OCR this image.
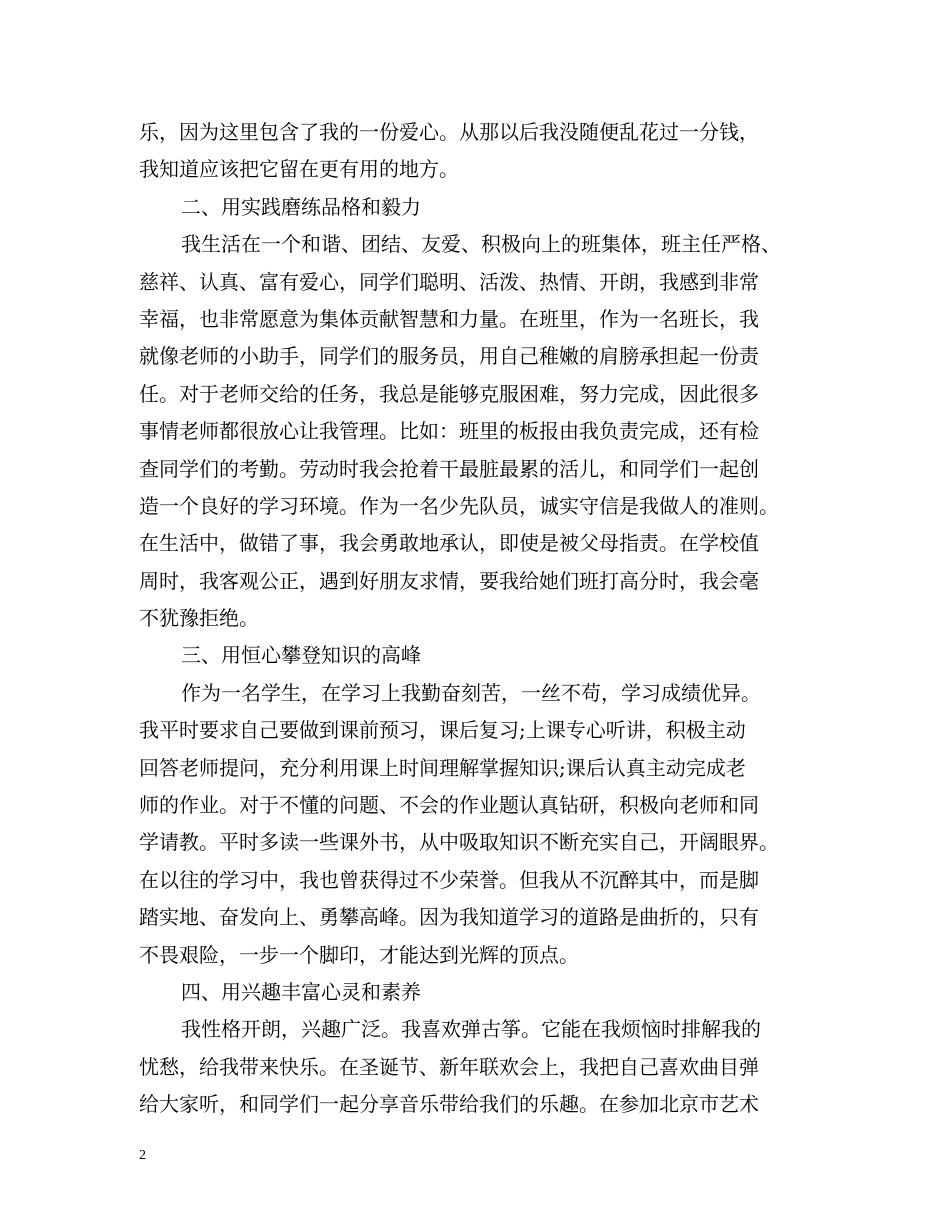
乐，因为这里包含了我的一份爱心。从那以后我没随便乱花过一分钱，
我知道应该把它留在更有用的地方。
二、用实践磨练品格和毅力
我生活在一个和谐、团结、友爱、积极向上的班集体，班主任严格、
慈祥、认真、富有爱心，同学们聪明、活泼、热情、开朗，我感到非常
幸福，也非常愿意为集体贡献智慧和力量。在班里，作为一名班长，我
就像老师的小助手，同学们的服务员，用自己稚嫩的肩膀承担起一份责
任。对于老师交给的任务，我总是能够克服困难，努力完成，因此很多
事情老师都很放心让我管理。比如：班里的板报由我负责完成，还有检
查同学们的考勤。劳动时我会抢着干最脏最累的活儿，和同学们一起创
造一个良好的学习环境。作为一名少先队员，诚实守信是我做人的准则。
在生活中，做错了事，我会勇敢地承认，即使是被父母指责。在学校值
周时，我客观公正，遇到好朋友求情，要我给她们班打高分时，我会毫
不犹豫拒绝。
三、用恒心攀登知识的高峰
作为一名学生，在学习上我勤奋刻苦，一丝不苟，学习成绩优异。
我平时要求自己要做到课前预习，课后复习;上课专心听讲，积极主动
回答老师提问，充分利用课上时间理解掌握知识;课后认真主动完成老
师的作业。对于不懂的问题、不会的作业题认真钻研，积极向老师和同
学请教。平时多读一些课外书，从中吸取知识不断充实自己，开阔眼界。
在以往的学习中，我也曾获得过不少荣誉。但我从不沉醉其中，而是脚
踏实地、奋发向上、勇攀高峰。因为我知道学习的道路是曲折的，只有
不畏艰险，一步一个脚印，才能达到光辉的顶点。
四、用兴趣丰富心灵和素养
我性格开朗，兴趣广泛。我喜欢弹古筝。它能在我烦恼时排解我的
忧愁，给我带来快乐。在圣诞节、新年联欢会上，我把自己喜欢曲目弹
给大家听，和同学们一起分享音乐带给我们的乐趣。在参加北京市艺术
2
